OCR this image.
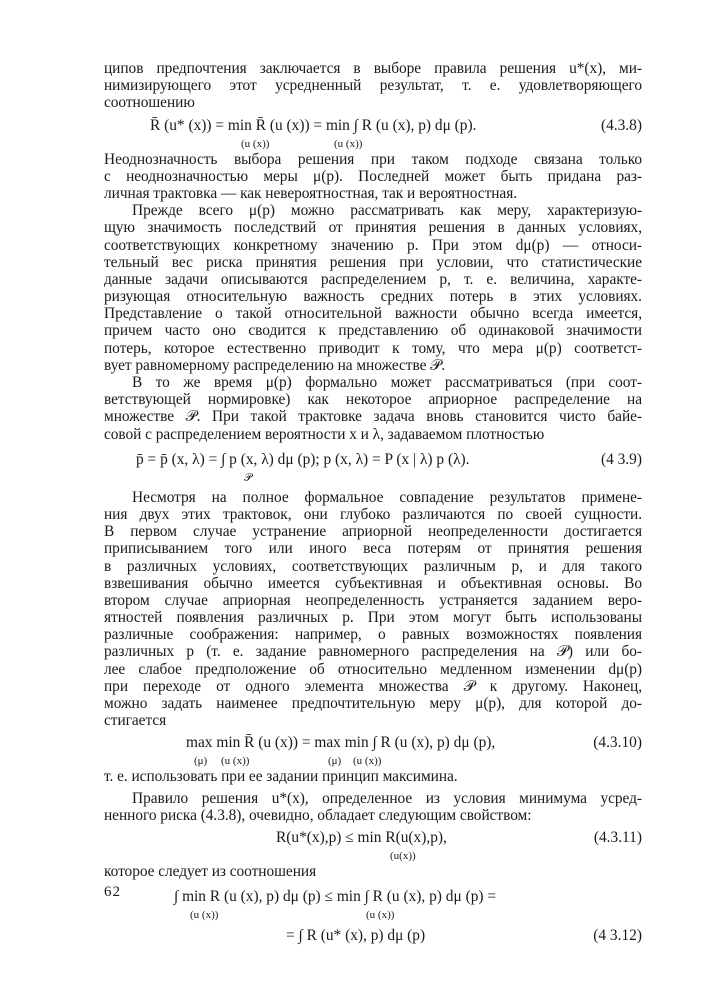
ципов предпочтения заключается в выборе правила решения u*(x), ми-
нимизирующего этот усредненный результат, т. е. удовлетворяющего
соотношению
R̄ (u* (x)) = min R̄ (u (x)) = min ∫ R (u (x), p) dμ (p).	(4.3.8)
(u (x))	(u (x))
Неоднозначность выбора решения при таком подходе связана только
с неоднозначностью меры μ(p). Последней может быть придана раз-
личная трактовка — как невероятностная, так и вероятностная.
Прежде всего μ(p) можно рассматривать как меру, характеризую-
щую значимость последствий от принятия решения в данных условиях,
соответствующих конкретному значению p. При этом dμ(p) — относи-
тельный вес риска принятия решения при условии, что статистические
данные задачи описываются распределением p, т. е. величина, характе-
ризующая относительную важность средних потерь в этих условиях.
Представление о такой относительной важности обычно всегда имеется,
причем часто оно сводится к представлению об одинаковой значимости
потерь, которое естественно приводит к тому, что мера μ(p) соответст-
вует равномерному распределению на множестве 𝒫.
В то же время μ(p) формально может рассматриваться (при соот-
ветствующей нормировке) как некоторое априорное распределение на
множестве 𝒫. При такой трактовке задача вновь становится чисто байе-
совой с распределением вероятности x и λ, задаваемом плотностью
p̄ = p̄ (x, λ) = ∫ p (x, λ) dμ (p); p (x, λ) = P (x | λ) p (λ).	(4 3.9)
𝒫
Несмотря на полное формальное совпадение результатов примене-
ния двух этих трактовок, они глубоко различаются по своей сущности.
В первом случае устранение априорной неопределенности достигается
приписыванием того или иного веса потерям от принятия решения
в различных условиях, соответствующих различным p, и для такого
взвешивания обычно имеется субъективная и объективная основы. Во
втором случае априорная неопределенность устраняется заданием веро-
ятностей появления различных p. При этом могут быть использованы
различные соображения: например, о равных возможностях появления
различных p (т. е. задание равномерного распределения на 𝒫) или бо-
лее слабое предположение об относительно медленном изменении dμ(p)
при переходе от одного элемента множества 𝒫 к другому. Наконец,
можно задать наименее предпочтительную меру μ(p), для которой до-
стигается
max min R̄ (u (x)) = max min ∫ R (u (x), p) dμ (p),	(4.3.10)
(μ) (u (x))	(μ) (u (x))
т. е. использовать при ее задании принцип максимина.
Правило решения u*(x), определенное из условия минимума усред-
ненного риска (4.3.8), очевидно, обладает следующим свойством:
R(u*(x),p) ≤ min R(u(x),p),	(4.3.11)
(u(x))
которое следует из соотношения
∫ min R (u (x), p) dμ (p) ≤ min ∫ R (u (x), p) dμ (p) =
(u (x))	(u (x))
= ∫ R (u* (x), p) dμ (p)	(4 3.12)
62
